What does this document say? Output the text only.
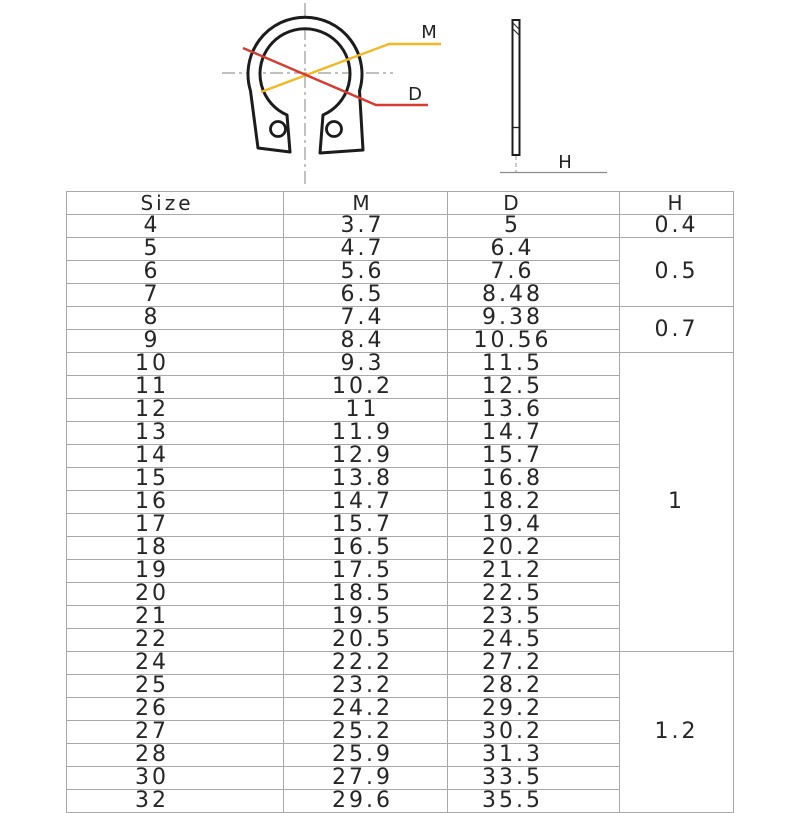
M
D
H
Size	M	D	H
4	3.7	5	0.4
5	4.7	6.4	0.5
6	5.6	7.6	
7	6.5	8.48	
8	7.4	9.38	0.7
9	8.4	10.56	
10	9.3	11.5	1
11	10.2	12.5	
12	11	13.6	
13	11.9	14.7	
14	12.9	15.7	
15	13.8	16.8	
16	14.7	18.2	
17	15.7	19.4	
18	16.5	20.2	
19	17.5	21.2	
20	18.5	22.5	
21	19.5	23.5	
22	20.5	24.5	
24	22.2	27.2	1.2
25	23.2	28.2	
26	24.2	29.2	
27	25.2	30.2	
28	25.9	31.3	
30	27.9	33.5	
32	29.6	35.5	
